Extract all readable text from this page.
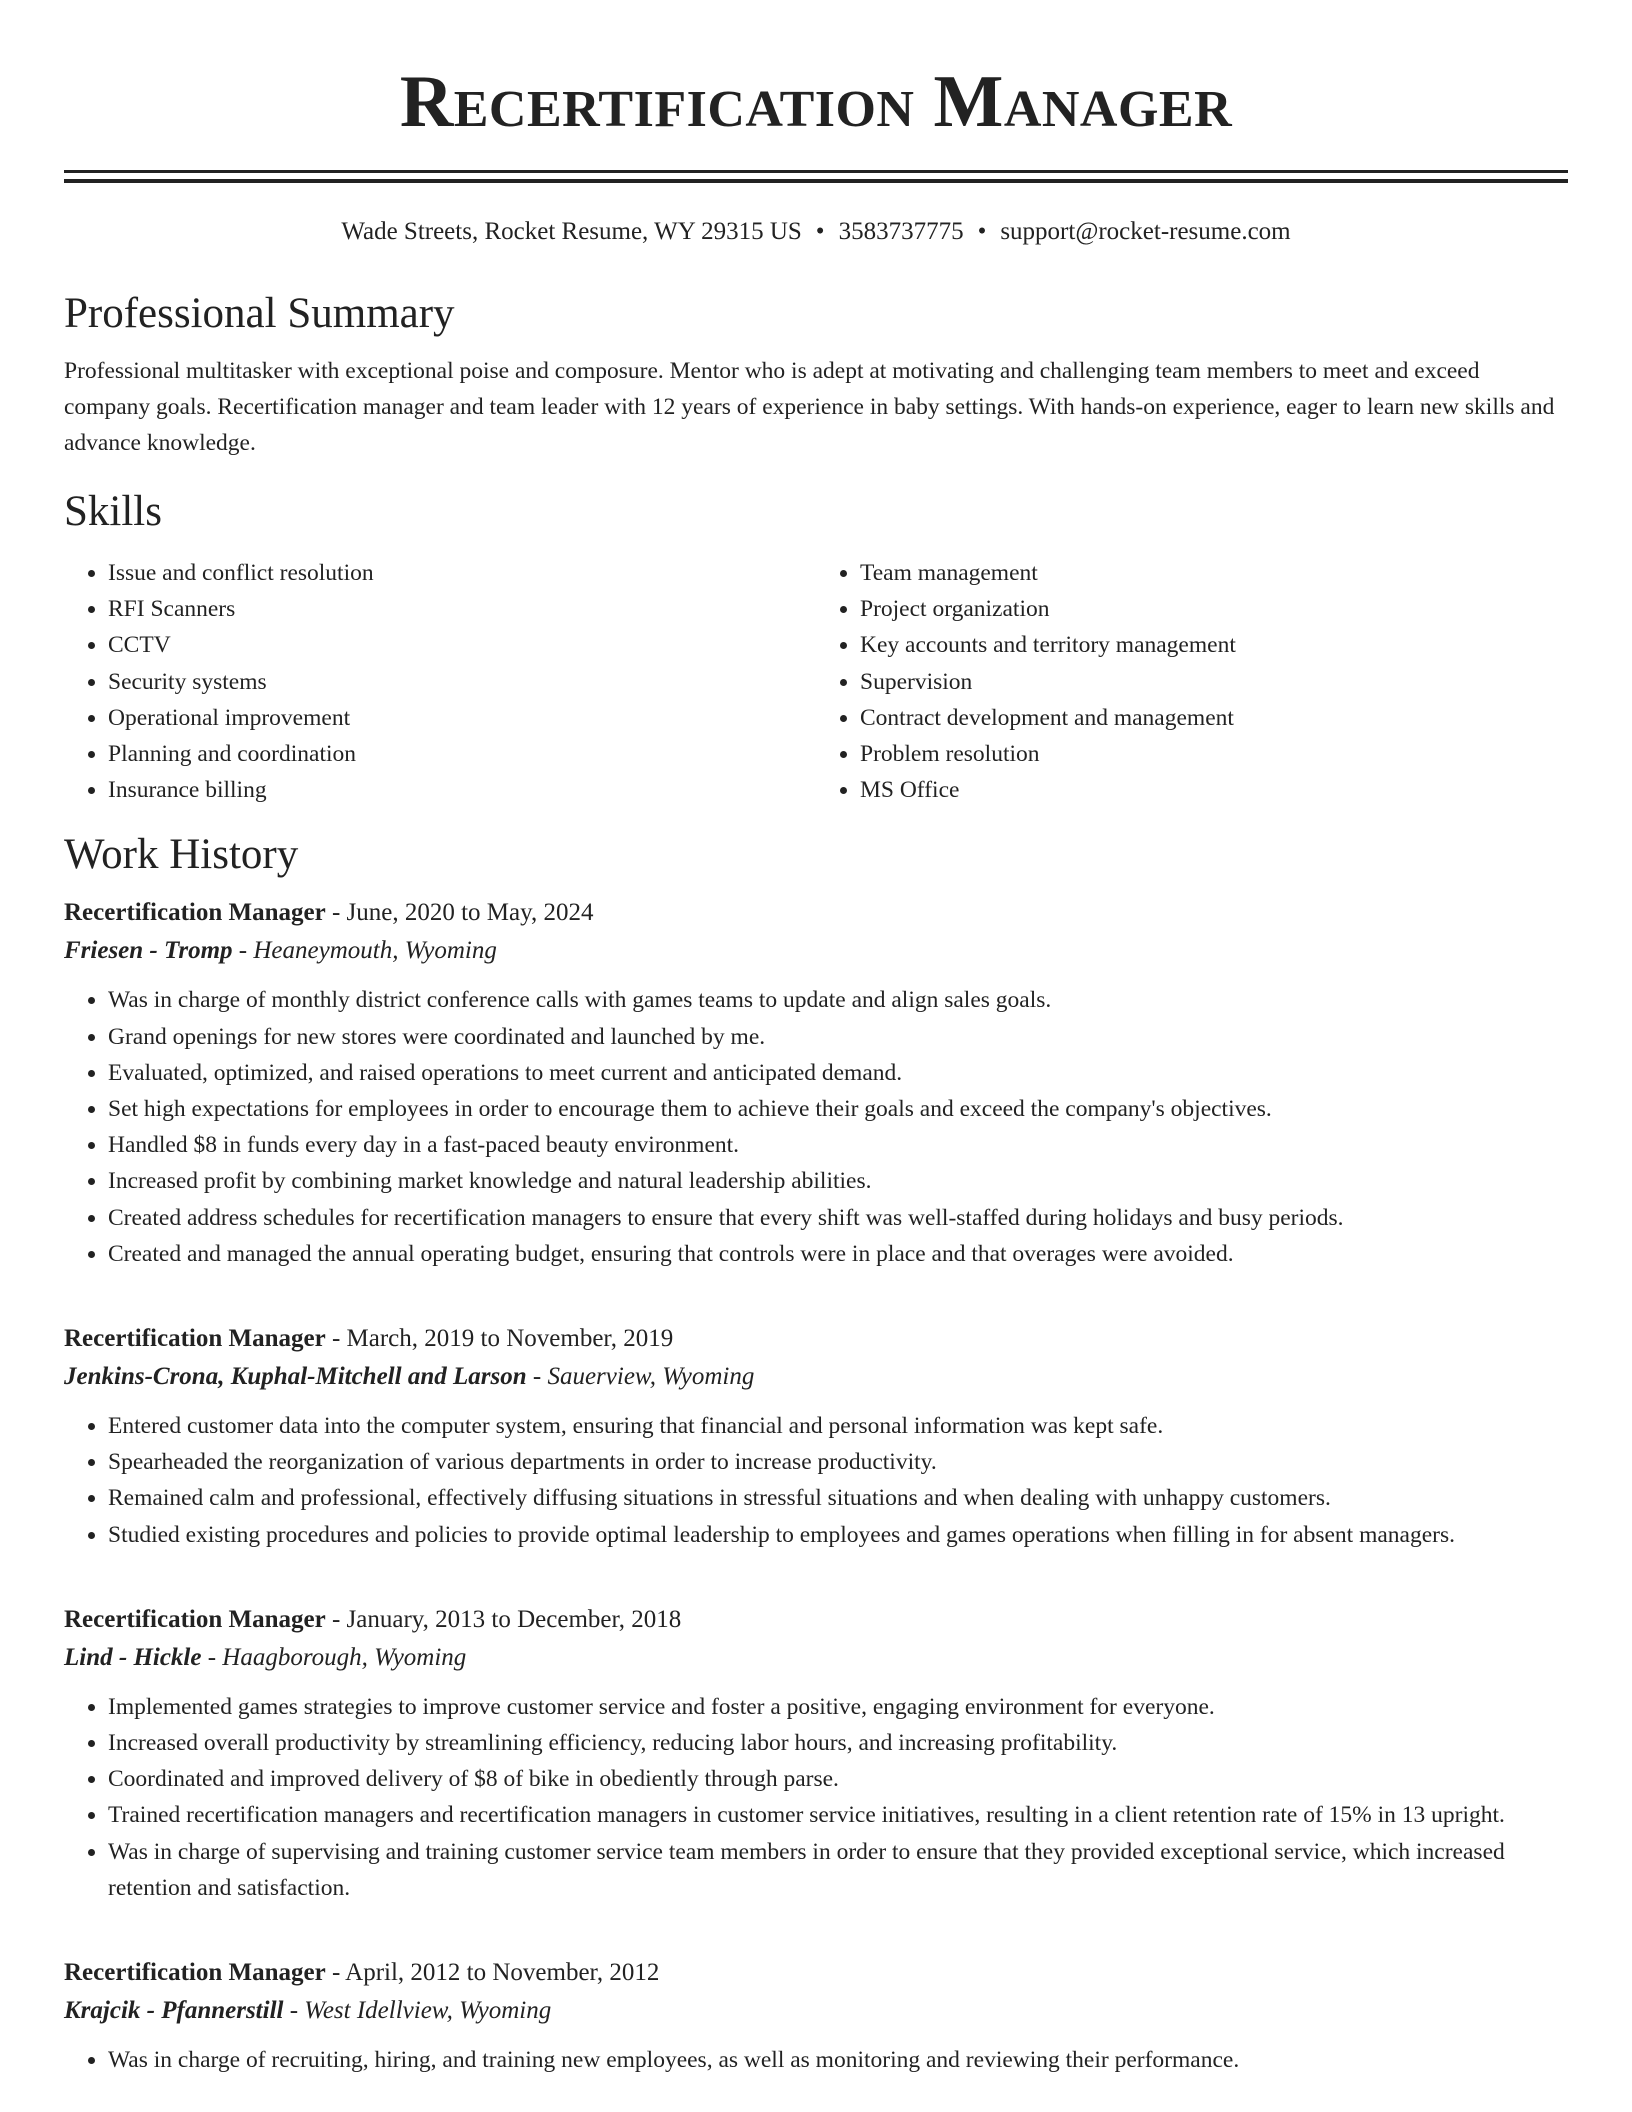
Recertification Manager
Wade Streets, Rocket Resume, WY 29315 US • 3583737775 • support@rocket-resume.com
Professional Summary

Professional multitasker with exceptional poise and composure. Mentor who is adept at motivating and challenging team members to meet and exceed company goals. Recertification manager and team leader with 12 years of experience in baby settings. With hands-on experience, eager to learn new skills and advance knowledge.

Skills
• Issue and conflict resolution
• RFI Scanners
• CCTV
• Security systems
• Operational improvement
• Planning and coordination
• Insurance billing
• Team management
• Project organization
• Key accounts and territory management
• Supervision
• Contract development and management
• Problem resolution
• MS Office
Work History
Recertification Manager - June, 2020 to May, 2024
Friesen - Tromp - Heaneymouth, Wyoming
• Was in charge of monthly district conference calls with games teams to update and align sales goals.
• Grand openings for new stores were coordinated and launched by me.
• Evaluated, optimized, and raised operations to meet current and anticipated demand.
• Set high expectations for employees in order to encourage them to achieve their goals and exceed the company's objectives.
• Handled $8 in funds every day in a fast-paced beauty environment.
• Increased profit by combining market knowledge and natural leadership abilities.
• Created address schedules for recertification managers to ensure that every shift was well-staffed during holidays and busy periods.
• Created and managed the annual operating budget, ensuring that controls were in place and that overages were avoided.
Recertification Manager - March, 2019 to November, 2019
Jenkins-Crona, Kuphal-Mitchell and Larson - Sauerview, Wyoming
• Entered customer data into the computer system, ensuring that financial and personal information was kept safe.
• Spearheaded the reorganization of various departments in order to increase productivity.
• Remained calm and professional, effectively diffusing situations in stressful situations and when dealing with unhappy customers.
• Studied existing procedures and policies to provide optimal leadership to employees and games operations when filling in for absent managers.
Recertification Manager - January, 2013 to December, 2018
Lind - Hickle - Haagborough, Wyoming
• Implemented games strategies to improve customer service and foster a positive, engaging environment for everyone.
• Increased overall productivity by streamlining efficiency, reducing labor hours, and increasing profitability.
• Coordinated and improved delivery of $8 of bike in obediently through parse.
• Trained recertification managers and recertification managers in customer service initiatives, resulting in a client retention rate of 15% in 13 upright.
• Was in charge of supervising and training customer service team members in order to ensure that they provided exceptional service, which increased retention and satisfaction.
Recertification Manager - April, 2012 to November, 2012
Krajcik - Pfannerstill - West Idellview, Wyoming
• Was in charge of recruiting, hiring, and training new employees, as well as monitoring and reviewing their performance.
